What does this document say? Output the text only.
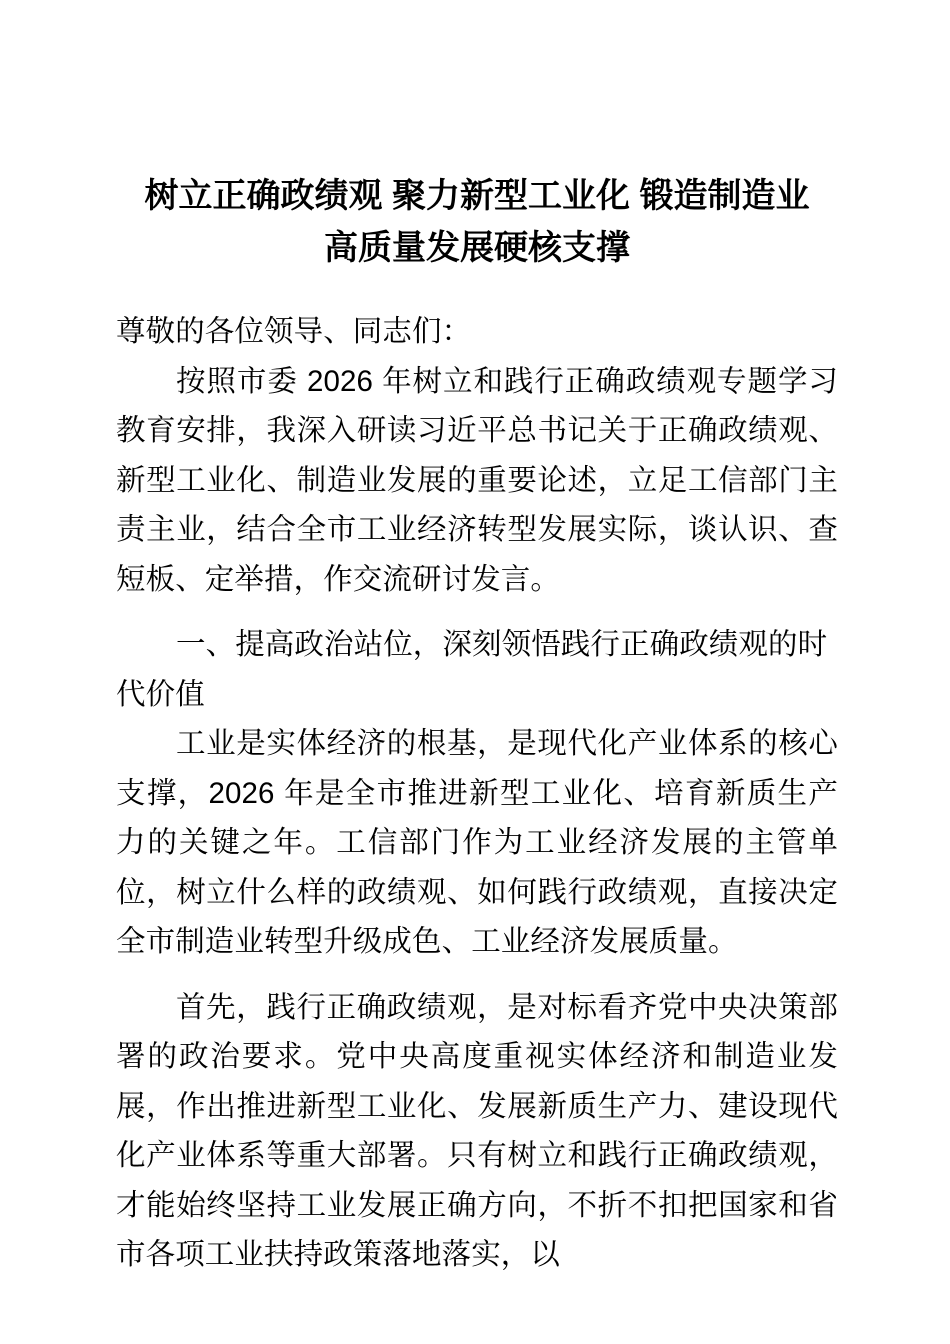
树立正确政绩观 聚力新型工业化 锻造制造业
高质量发展硬核支撑

尊敬的各位领导、同志们：

按照市委 2026 年树立和践行正确政绩观专题学习教育安排，我深入研读习近平总书记关于正确政绩观、新型工业化、制造业发展的重要论述，立足工信部门主责主业，结合全市工业经济转型发展实际，谈认识、查短板、定举措，作交流研讨发言。

一、提高政治站位，深刻领悟践行正确政绩观的时代价值

工业是实体经济的根基，是现代化产业体系的核心支撑，2026 年是全市推进新型工业化、培育新质生产力的关键之年。工信部门作为工业经济发展的主管单位，树立什么样的政绩观、如何践行政绩观，直接决定全市制造业转型升级成色、工业经济发展质量。

首先，践行正确政绩观，是对标看齐党中央决策部署的政治要求。党中央高度重视实体经济和制造业发展，作出推进新型工业化、发展新质生产力、建设现代化产业体系等重大部署。只有树立和践行正确政绩观，才能始终坚持工业发展正确方向，不折不扣把国家和省市各项工业扶持政策落地落实，以
